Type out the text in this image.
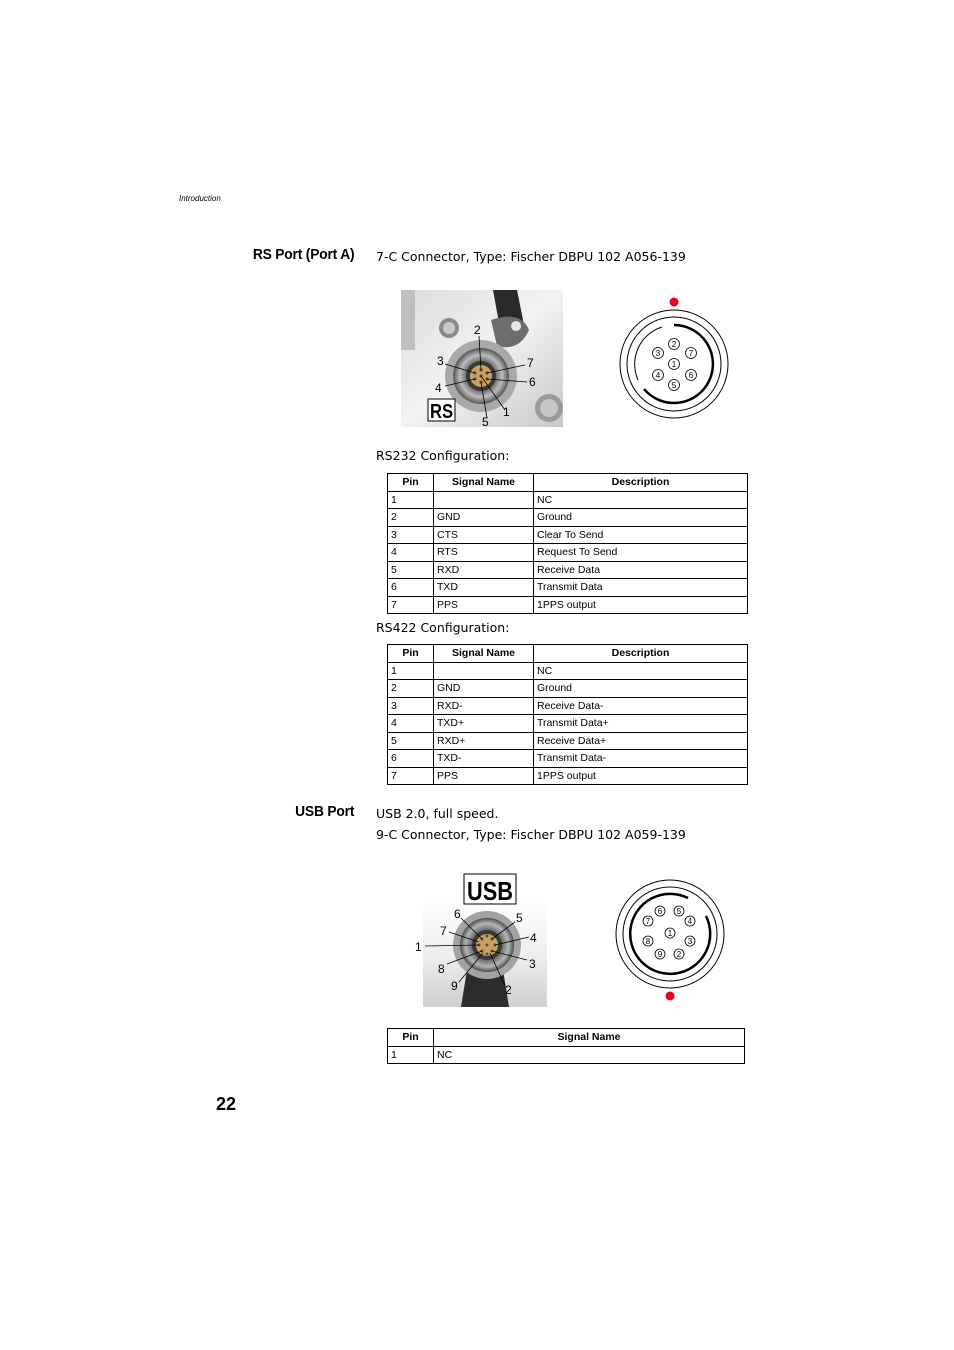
Introduction
RS Port (Port A) 7-C Connector, Type: Fischer DBPU 102 A056-139
2
3	7
4	6
1
5
RS
1
2
3
4
5
6
7
RS232 Configuration:
Pin	Signal Name	Description
1		NC
2	GND	Ground
3	CTS	Clear To Send
4	RTS	Request To Send
5	RXD	Receive Data
6	TXD	Transmit Data
7	PPS	1PPS output
RS422 Configuration:
Pin	Signal Name	Description
1		NC
2	GND	Ground
3	RXD-	Receive Data-
4	TXD+	Transmit Data+
5	RXD+	Receive Data+
6	TXD-	Transmit Data-
7	PPS	1PPS output
USB Port USB 2.0, full speed.
9-C Connector, Type: Fischer DBPU 102 A059-139
6	5
7	4
1
8	3
9	2
USB
1
2
3
4
5
6
7
8
9
Pin	Signal Name
1	NC
22
